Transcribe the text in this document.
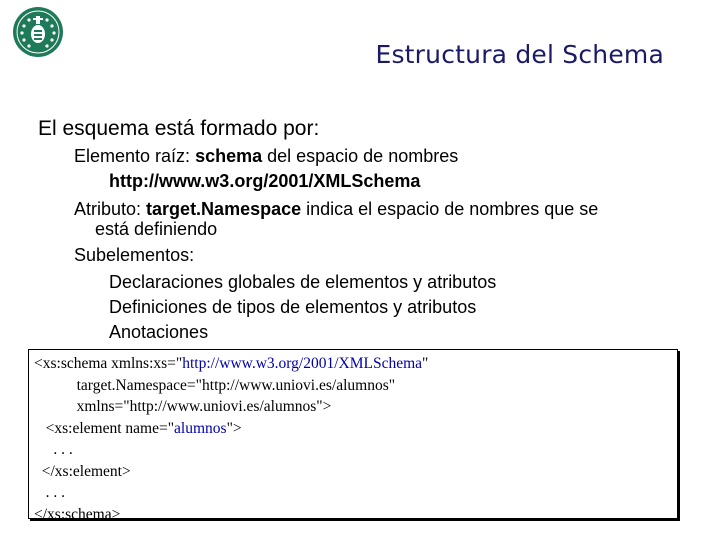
Estructura del Schema
El esquema está formado por:
Elemento raíz: schema del espacio de nombres
http://www.w3.org/2001/XMLSchema
Atributo: target.Namespace indica el espacio de nombres que se
está definiendo
Subelementos:
Declaraciones globales de elementos y atributos
Definiciones de tipos de elementos y atributos
Anotaciones
<xs:schema xmlns:xs="http://www.w3.org/2001/XMLSchema"
target.Namespace="http://www.uniovi.es/alumnos"
xmlns="http://www.uniovi.es/alumnos">
<xs:element name="alumnos">
. . .
</xs:element>
. . .
</xs:schema>
